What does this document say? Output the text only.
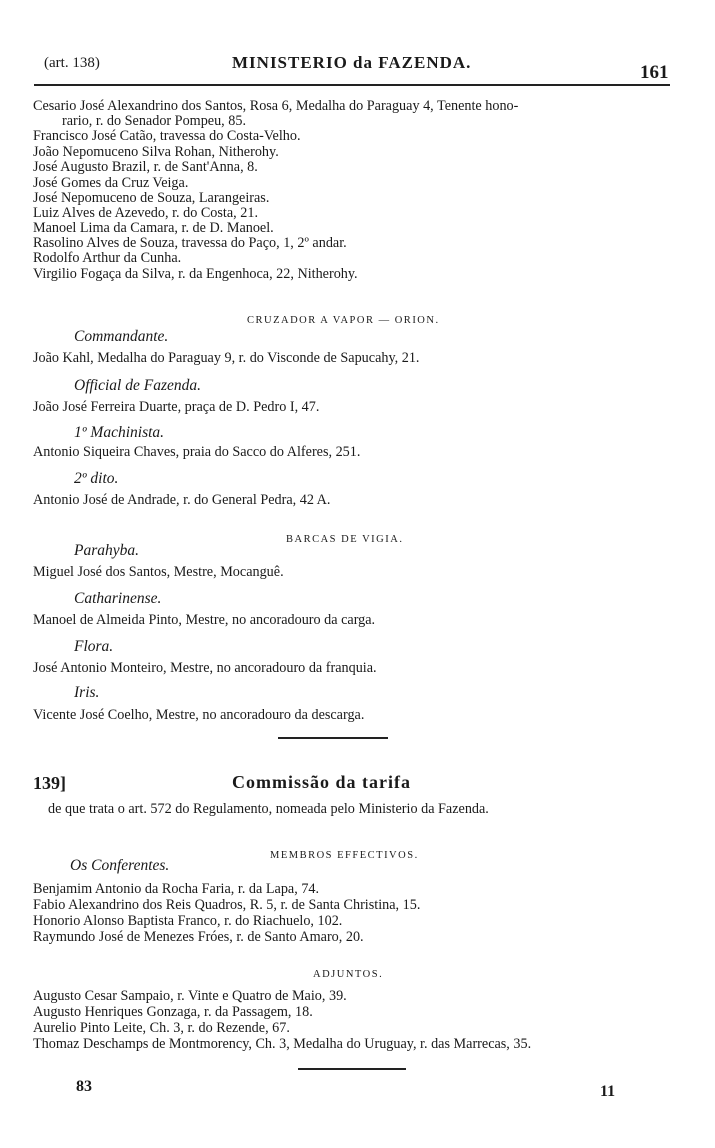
(art. 138)	MINISTERIO da FAZENDA.	161
Cesario José Alexandrino dos Santos, Rosa 6, Medalha do Paraguay 4, Tenente hono-
rario, r. do Senador Pompeu, 85.
Francisco José Catão, travessa do Costa-Velho.
João Nepomuceno Silva Rohan, Nitherohy.
José Augusto Brazil, r. de Sant'Anna, 8.
José Gomes da Cruz Veiga.
José Nepomuceno de Souza, Larangeiras.
Luiz Alves de Azevedo, r. do Costa, 21.
Manoel Lima da Camara, r. de D. Manoel.
Rasolino Alves de Souza, travessa do Paço, 1, 2º andar.
Rodolfo Arthur da Cunha.
Virgilio Fogaça da Silva, r. da Engenhoca, 22, Nitherohy.
CRUZADOR A VAPOR — ORION.
Commandante.
João Kahl, Medalha do Paraguay 9, r. do Visconde de Sapucahy, 21.
Official de Fazenda.
João José Ferreira Duarte, praça de D. Pedro I, 47.
1º Machinista.
Antonio Siqueira Chaves, praia do Sacco do Alferes, 251.
2º dito.
Antonio José de Andrade, r. do General Pedra, 42 A.
BARCAS DE VIGIA.
Parahyba.
Miguel José dos Santos, Mestre, Mocanguê.
Catharinense.
Manoel de Almeida Pinto, Mestre, no ancoradouro da carga.
Flora.
José Antonio Monteiro, Mestre, no ancoradouro da franquia.
Iris.
Vicente José Coelho, Mestre, no ancoradouro da descarga.
139]	Commissão da tarifa
de que trata o art. 572 do Regulamento, nomeada pelo Ministerio da Fazenda.
MEMBROS EFFECTIVOS.
Os Conferentes.
Benjamim Antonio da Rocha Faria, r. da Lapa, 74.
Fabio Alexandrino dos Reis Quadros, R. 5, r. de Santa Christina, 15.
Honorio Alonso Baptista Franco, r. do Riachuelo, 102.
Raymundo José de Menezes Fróes, r. de Santo Amaro, 20.
ADJUNTOS.
Augusto Cesar Sampaio, r. Vinte e Quatro de Maio, 39.
Augusto Henriques Gonzaga, r. da Passagem, 18.
Aurelio Pinto Leite, Ch. 3, r. do Rezende, 67.
Thomaz Deschamps de Montmorency, Ch. 3, Medalha do Uruguay, r. das Marrecas, 35.
83	11
